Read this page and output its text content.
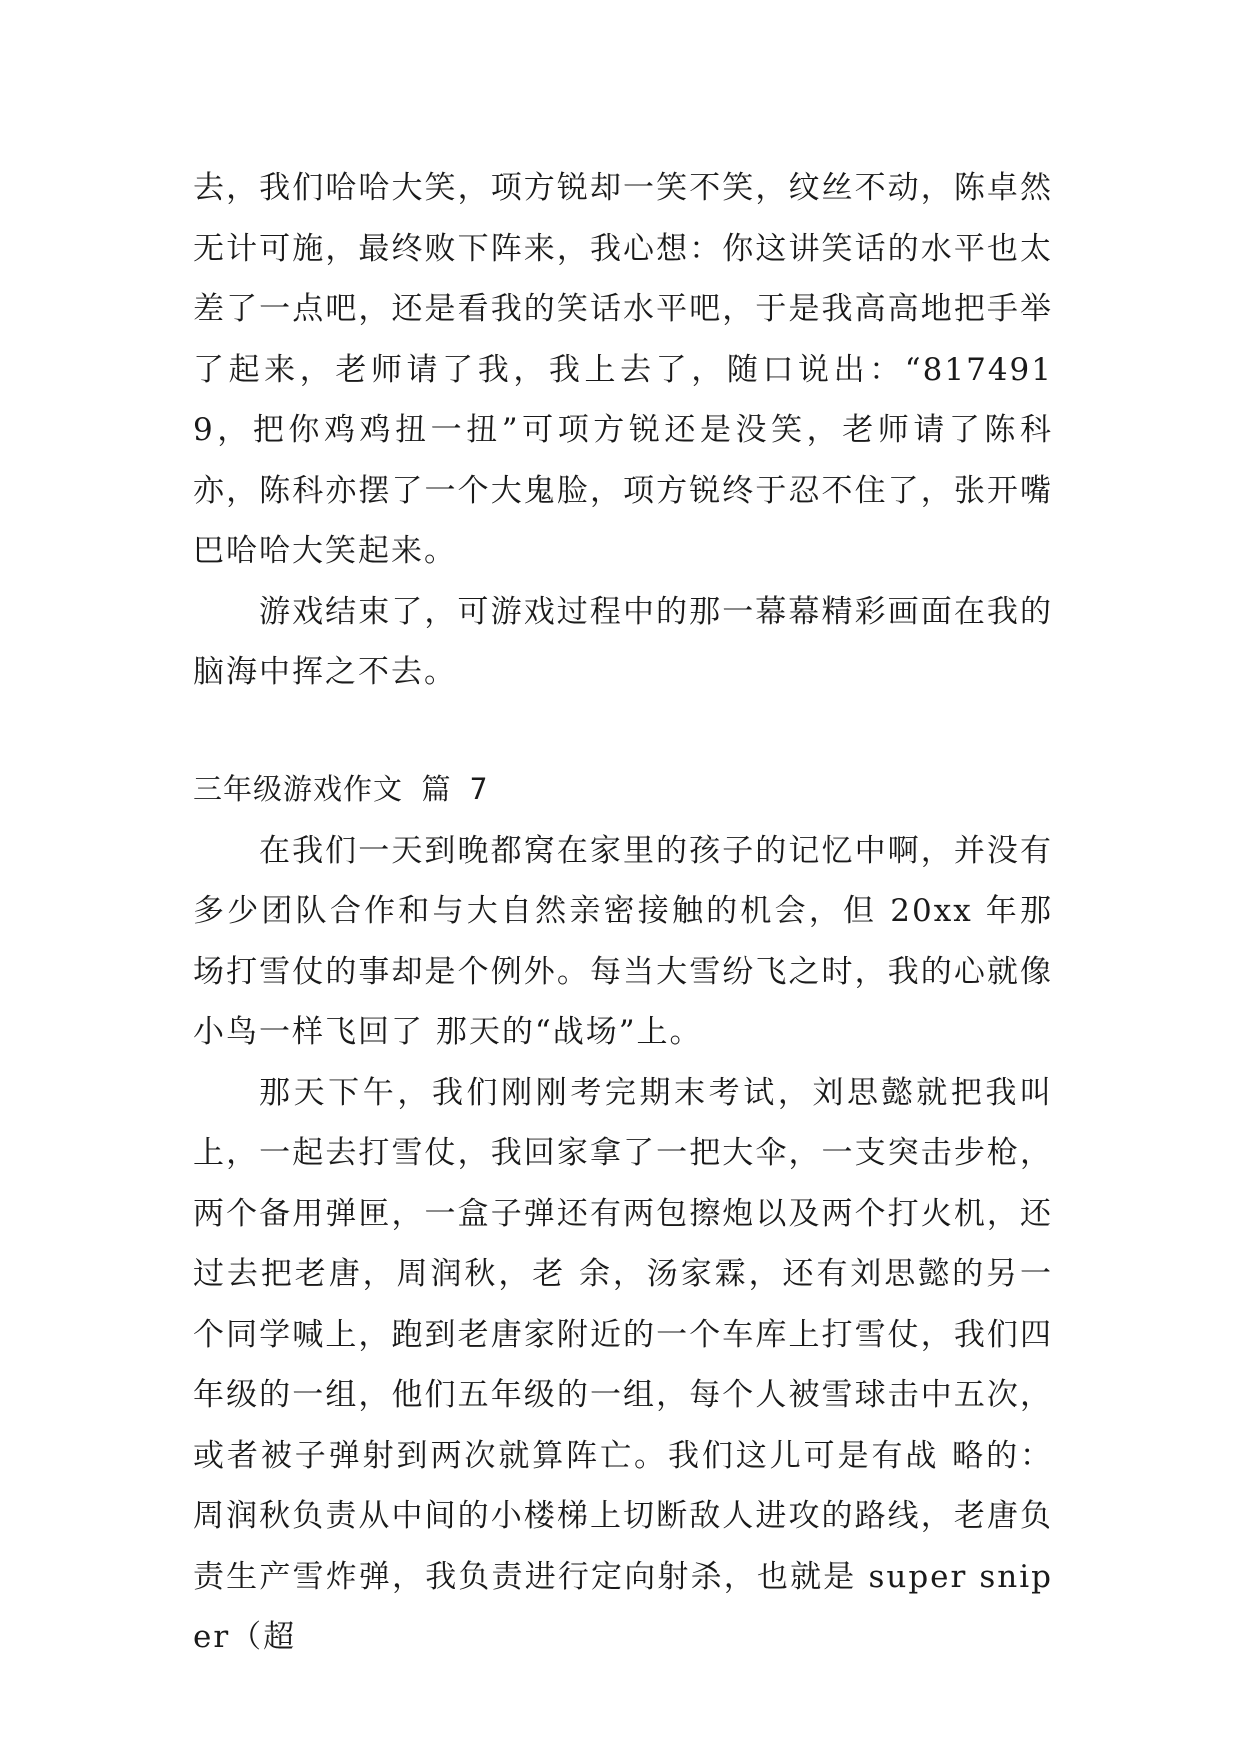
去，我们哈哈大笑，项方锐却一笑不笑，纹丝不动，陈卓然无计可施，最终败下阵来，我心想：你这讲笑话的水平也太差了一点吧，还是看我的笑话水平吧，于是我高高地把手举了起来，老师请了我，我上去了，随口说出：“8174919，把你鸡鸡扭一扭”可项方锐还是没笑，老师请了陈科亦，陈科亦摆了一个大鬼脸，项方锐终于忍不住了，张开嘴巴哈哈大笑起来。

游戏结束了，可游戏过程中的那一幕幕精彩画面在我的脑海中挥之不去。

三年级游戏作文 篇 7

在我们一天到晚都窝在家里的孩子的记忆中啊，并没有多少团队合作和与大自然亲密接触的机会，但 20xx 年那场打雪仗的事却是个例外。每当大雪纷飞之时，我的心就像小鸟一样飞回了 那天的“战场”上。

那天下午，我们刚刚考完期末考试，刘思懿就把我叫上，一起去打雪仗，我回家拿了一把大伞，一支突击步枪，两个备用弹匣，一盒子弹还有两包擦炮以及两个打火机，还过去把老唐，周润秋，老 余，汤家霖，还有刘思懿的另一个同学喊上，跑到老唐家附近的一个车库上打雪仗，我们四年级的一组，他们五年级的一组，每个人被雪球击中五次，或者被子弹射到两次就算阵亡。我们这儿可是有战 略的：周润秋负责从中间的小楼梯上切断敌人进攻的路线，老唐负责生产雪炸弹，我负责进行定向射杀，也就是 super sniper（超
